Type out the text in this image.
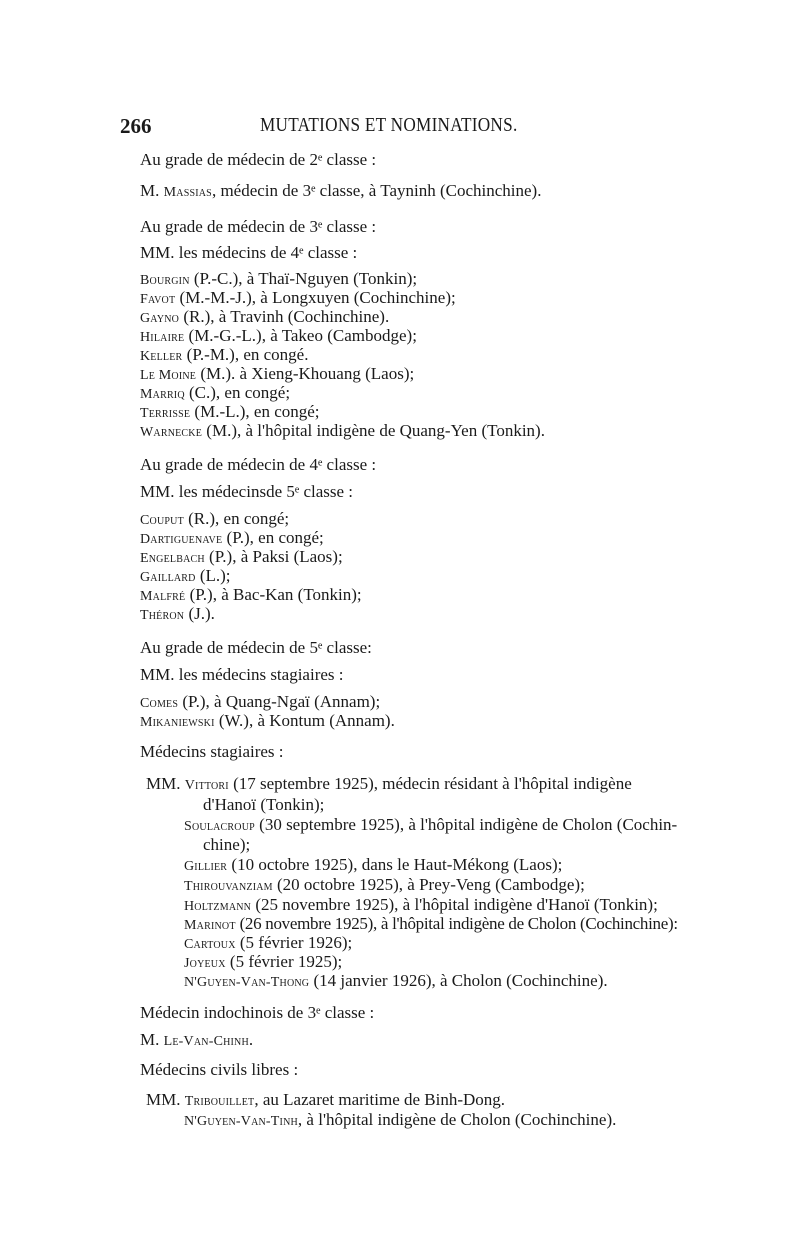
266	MUTATIONS ET NOMINATIONS.
Au grade de médecin de 2ᵉ classe :
M. Massias, médecin de 3ᵉ classe, à Tayninh (Cochinchine).
Au grade de médecin de 3ᵉ classe :
MM. les médecins de 4ᵉ classe :
Bourgin (P.-C.), à Thaï-Nguyen (Tonkin);
Favot (M.-M.-J.), à Longxuyen (Cochinchine);
Gayno (R.), à Travinh (Cochinchine).
Hilaire (M.-G.-L.), à Takeo (Cambodge);
Keller (P.-M.), en congé.
Le Moine (M.). à Xieng-Khouang (Laos);
Marriq (C.), en congé;
Terrisse (M.-L.), en congé;
Warnecke (M.), à l'hôpital indigène de Quang-Yen (Tonkin).
Au grade de médecin de 4ᵉ classe :
MM. les médecinsde 5ᵉ classe :
Couput (R.), en congé;
Dartiguenave (P.), en congé;
Engelbach (P.), à Paksi (Laos);
Gaillard (L.);
Malfré (P.), à Bac-Kan (Tonkin);
Théron (J.).
Au grade de médecin de 5ᵉ classe:
MM. les médecins stagiaires :
Comes (P.), à Quang-Ngaï (Annam);
Mikaniewski (W.), à Kontum (Annam).
Médecins stagiaires :
MM. Vittori (17 septembre 1925), médecin résidant à l'hôpital indigène
d'Hanoï (Tonkin);
Soulacroup (30 septembre 1925), à l'hôpital indigène de Cholon (Cochin-
chine);
Gillier (10 octobre 1925), dans le Haut-Mékong (Laos);
Thirouvanziam (20 octobre 1925), à Prey-Veng (Cambodge);
Holtzmann (25 novembre 1925), à l'hôpital indigène d'Hanoï (Tonkin);
Marinot (26 novembre 1925), à l'hôpital indigène de Cholon (Cochinchine):
Cartoux (5 février 1926);
Joyeux (5 février 1925);
N'Guyen-Van-Thong (14 janvier 1926), à Cholon (Cochinchine).
Médecin indochinois de 3ᵉ classe :
M. Le-Van-Chinh.
Médecins civils libres :
MM. Tribouillet, au Lazaret maritime de Binh-Dong.
N'Guyen-Van-Tinh, à l'hôpital indigène de Cholon (Cochinchine).
